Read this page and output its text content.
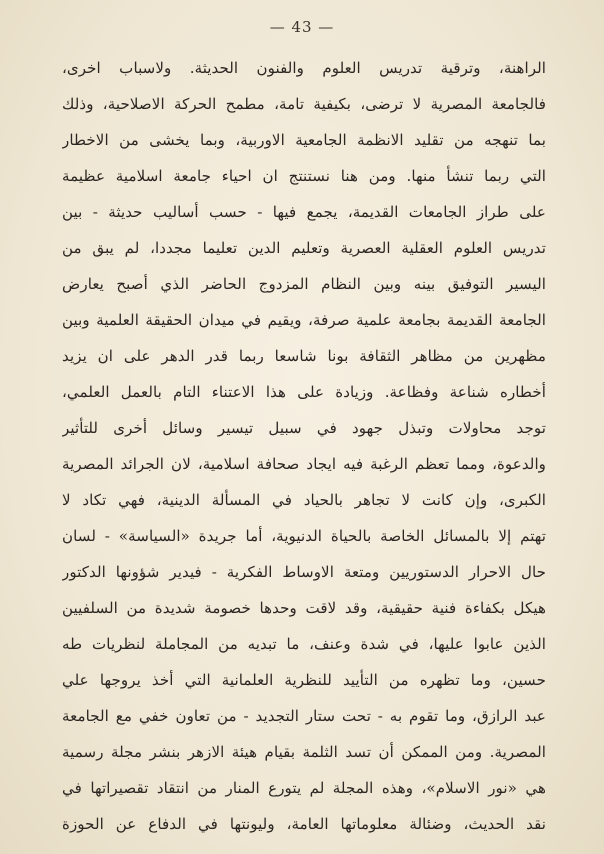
— 43 —
الراهنة، وترقية تدريس العلوم والفنون الحديثة. ولاسباب اخرى،
فالجامعة المصرية لا ترضى، بكيفية تامة، مطمح الحركة الاصلاحية، وذلك
بما تنهجه من تقليد الانظمة الجامعية الاوربية، وبما يخشى من الاخطار
التي ربما تنشأ منها. ومن هنا نستنتج ان احياء جامعة اسلامية عظيمة
على طراز الجامعات القديمة، يجمع فيها - حسب أساليب حديثة - بين
تدريس العلوم العقلية العصرية وتعليم الدين تعليما مجددا، لم يبق من
اليسير التوفيق بينه وبين النظام المزدوج الحاضر الذي أصبح يعارض
الجامعة القديمة بجامعة علمية صرفة، ويقيم في ميدان الحقيقة العلمية وبين
مظهرين من مظاهر الثقافة بونا شاسعا ربما قدر الدهر على ان يزيد
أخطاره شناعة وفظاعة. وزيادة على هذا الاعتناء التام بالعمل العلمي،
توجد محاولات وتبذل جهود في سبيل تيسير وسائل أخرى للتأثير
والدعوة، ومما تعظم الرغبة فيه ايجاد صحافة اسلامية، لان الجرائد المصرية
الكبرى، وإن كانت لا تجاهر بالحياد في المسألة الدينية، فهي تكاد لا
تهتم إلا بالمسائل الخاصة بالحياة الدنيوية، أما جريدة «السياسة» - لسان
حال الاحرار الدستوريين ومتعة الاوساط الفكرية - فيدير شؤونها الدكتور
هيكل بكفاءة فنية حقيقية، وقد لاقت وحدها خصومة شديدة من السلفيين
الذين عابوا عليها، في شدة وعنف، ما تبديه من المجاملة لنظريات طه
حسين، وما تظهره من التأييد للنظرية العلمانية التي أخذ يروجها علي
عبد الرازق، وما تقوم به - تحت ستار التجديد - من تعاون خفي مع الجامعة
المصرية. ومن الممكن أن تسد الثلمة بقيام هيئة الازهر بنشر مجلة رسمية
هي «نور الاسلام»، وهذه المجلة لم يتورع المنار من انتقاد تقصيراتها في
نقد الحديث، وضئالة معلوماتها العامة، وليونتها في الدفاع عن الحوزة
